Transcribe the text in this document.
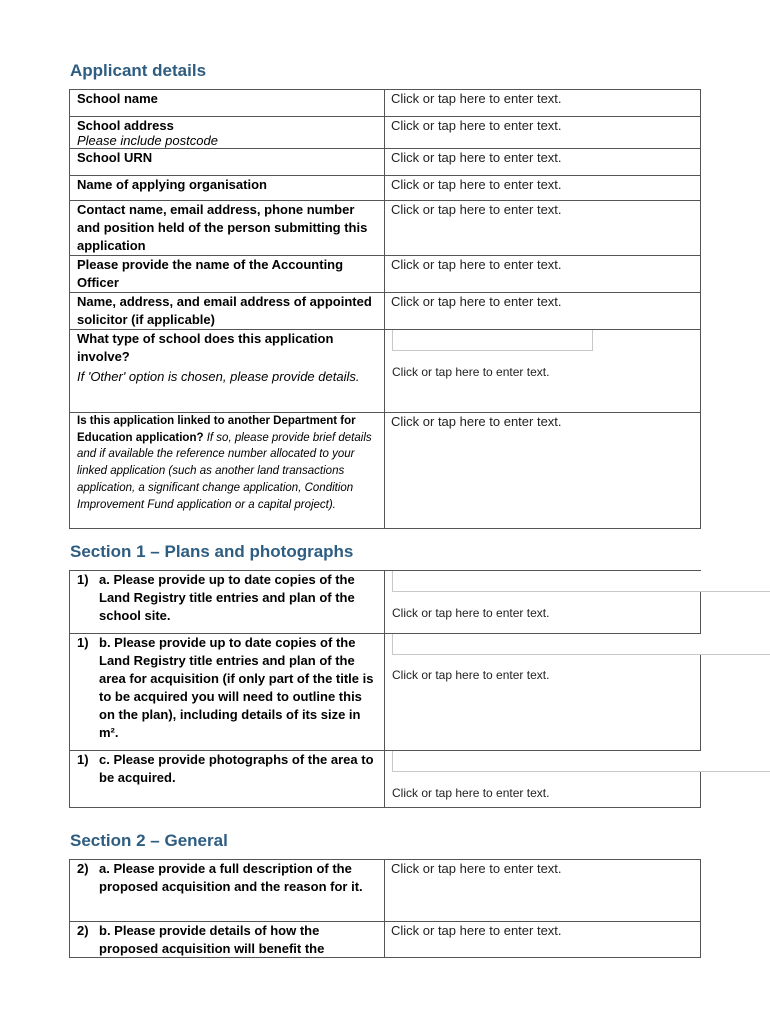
Applicant details
School name	Click or tap here to enter text.

School address
Please include postcode	Click or tap here to enter text.

School URN	Click or tap here to enter text.

Name of applying organisation	Click or tap here to enter text.

Contact name, email address, phone number and position held of the person submitting this application	Click or tap here to enter text.

Please provide the name of the Accounting Officer	Click or tap here to enter text.

Name, address, and email address of appointed solicitor (if applicable)	Click or tap here to enter text.

What type of school does this application involve?
If 'Other' option is chosen, please provide details.	Click or tap here to enter text.

Is this application linked to another Department for Education application? If so, please provide brief details and if available the reference number allocated to your linked application (such as another land transactions application, a significant change application, Condition Improvement Fund application or a capital project).	Click or tap here to enter text.
Section 1 – Plans and photographs
1) a. Please provide up to date copies of the Land Registry title entries and plan of the school site.	Click or tap here to enter text.

1) b. Please provide up to date copies of the Land Registry title entries and plan of the area for acquisition (if only part of the title is to be acquired you will need to outline this on the plan), including details of its size in m².	Click or tap here to enter text.

1) c. Please provide photographs of the area to be acquired.	Click or tap here to enter text.
Section 2 – General
2) a. Please provide a full description of the proposed acquisition and the reason for it.	Click or tap here to enter text.

2) b. Please provide details of how the proposed acquisition will benefit the	Click or tap here to enter text.
